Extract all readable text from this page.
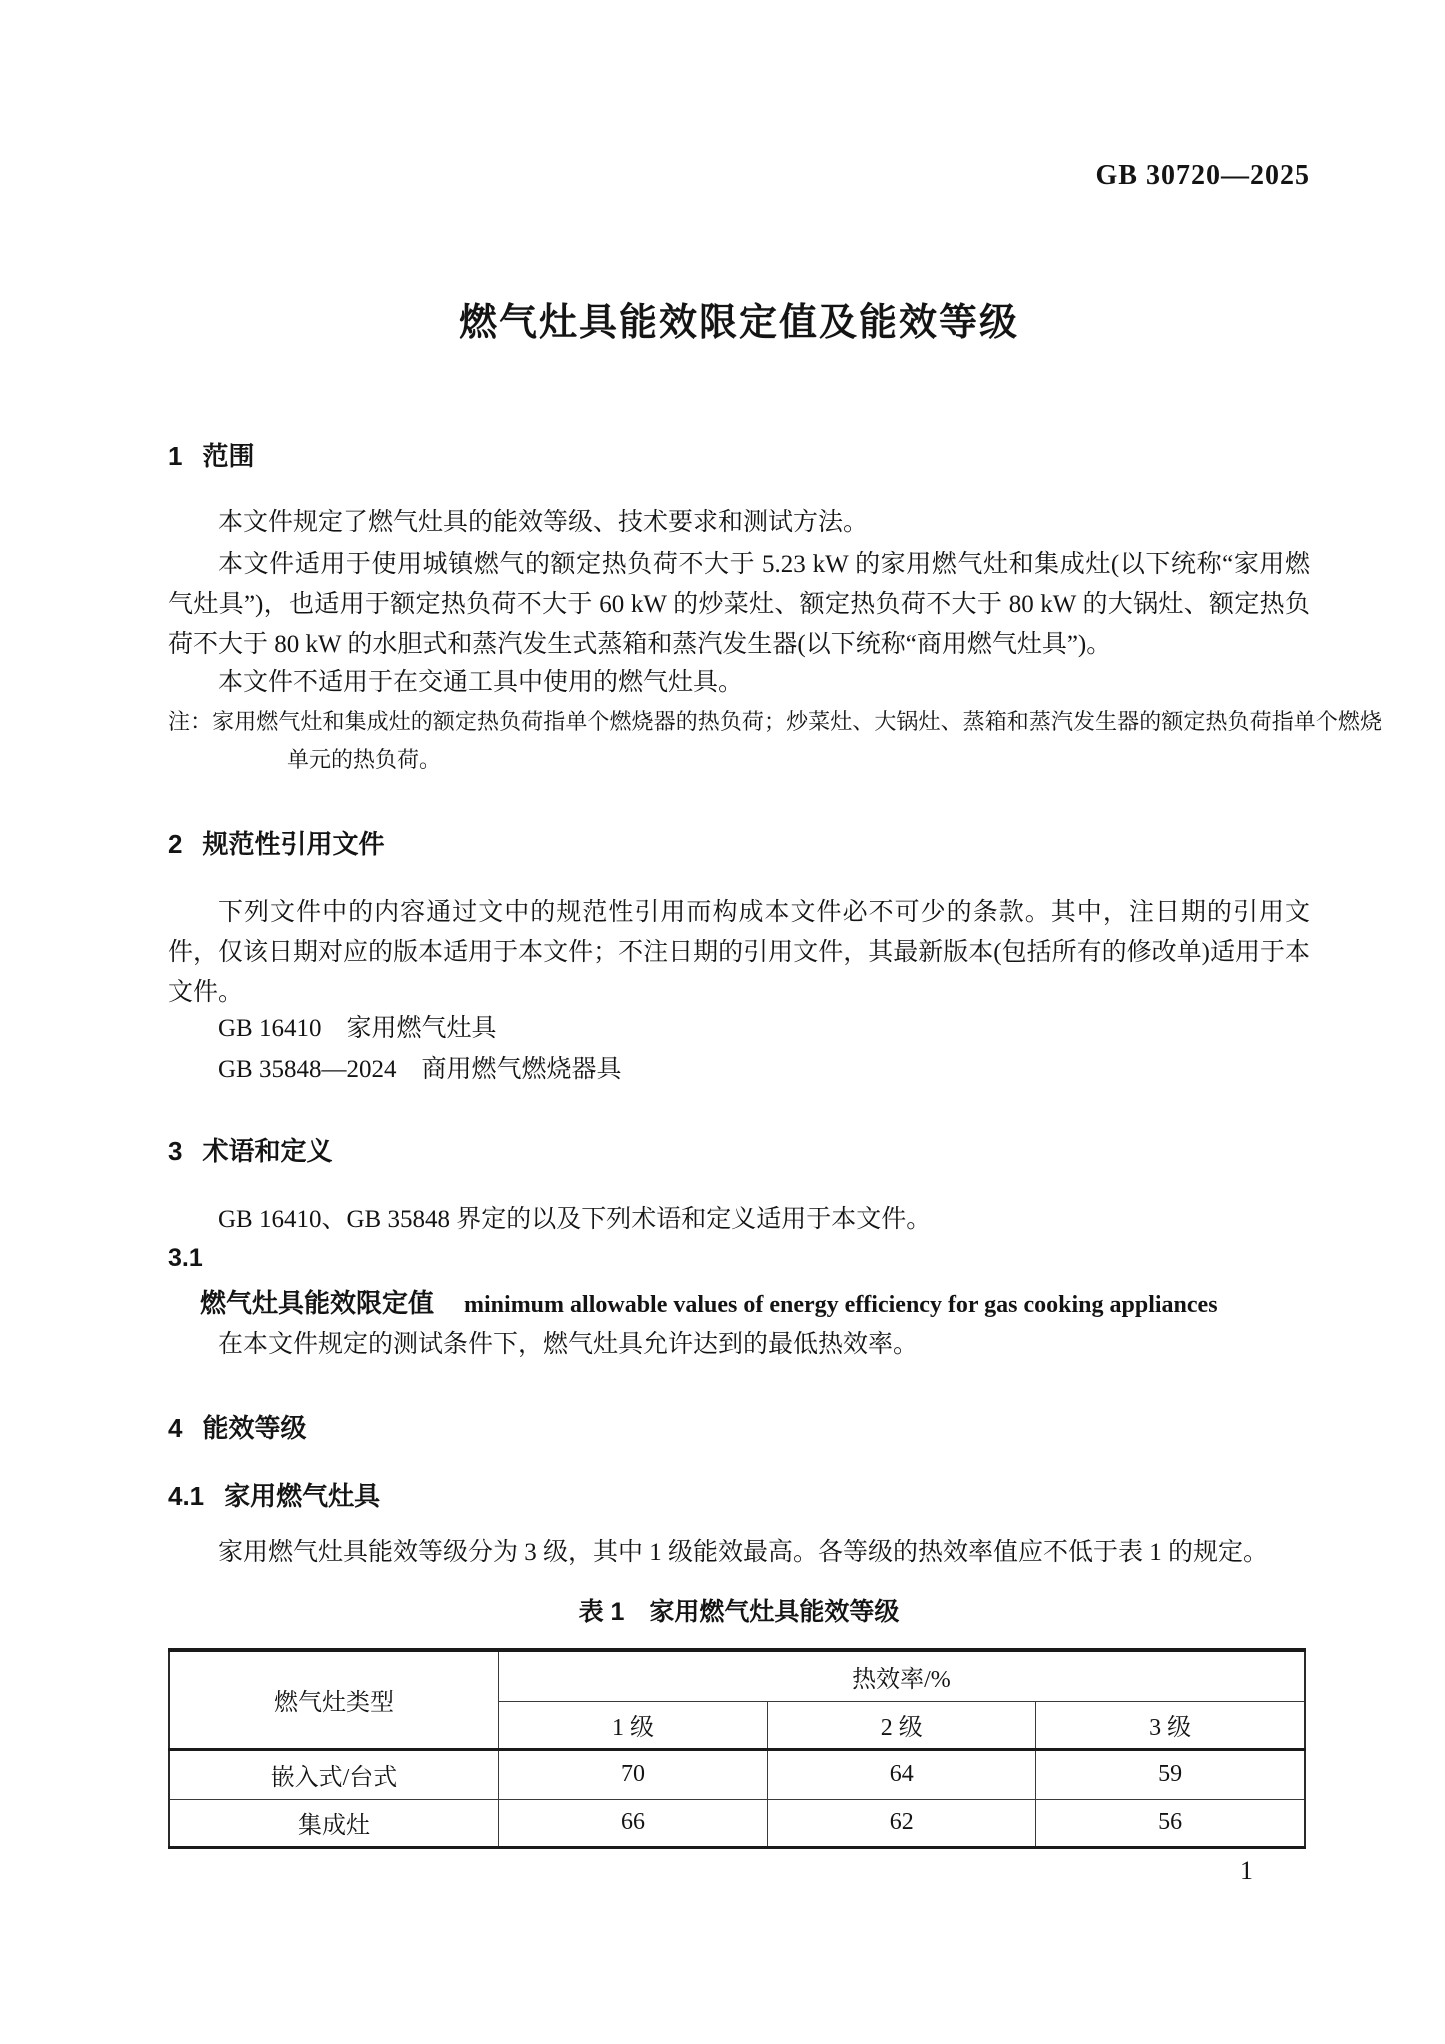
GB 30720—2025
燃气灶具能效限定值及能效等级
1 范围
本文件规定了燃气灶具的能效等级、技术要求和测试方法。
本文件适用于使用城镇燃气的额定热负荷不大于 5.23 kW 的家用燃气灶和集成灶(以下统称“家用燃气灶具”)，也适用于额定热负荷不大于 60 kW 的炒菜灶、额定热负荷不大于 80 kW 的大锅灶、额定热负荷不大于 80 kW 的水胆式和蒸汽发生式蒸箱和蒸汽发生器(以下统称“商用燃气灶具”)。
本文件不适用于在交通工具中使用的燃气灶具。
注：家用燃气灶和集成灶的额定热负荷指单个燃烧器的热负荷；炒菜灶、大锅灶、蒸箱和蒸汽发生器的额定热负荷指单个燃烧单元的热负荷。
2 规范性引用文件
下列文件中的内容通过文中的规范性引用而构成本文件必不可少的条款。其中，注日期的引用文件，仅该日期对应的版本适用于本文件；不注日期的引用文件，其最新版本(包括所有的修改单)适用于本文件。
GB 16410　家用燃气灶具
GB 35848—2024　商用燃气燃烧器具
3 术语和定义
GB 16410、GB 35848 界定的以及下列术语和定义适用于本文件。
3.1
燃气灶具能效限定值 minimum allowable values of energy efficiency for gas cooking appliances
在本文件规定的测试条件下，燃气灶具允许达到的最低热效率。
4 能效等级
4.1 家用燃气灶具
家用燃气灶具能效等级分为 3 级，其中 1 级能效最高。各等级的热效率值应不低于表 1 的规定。
表 1　家用燃气灶具能效等级
燃气灶类型	热效率/%		
	1 级	2 级	3 级
嵌入式/台式	70	64	59
集成灶	66	62	56
1
